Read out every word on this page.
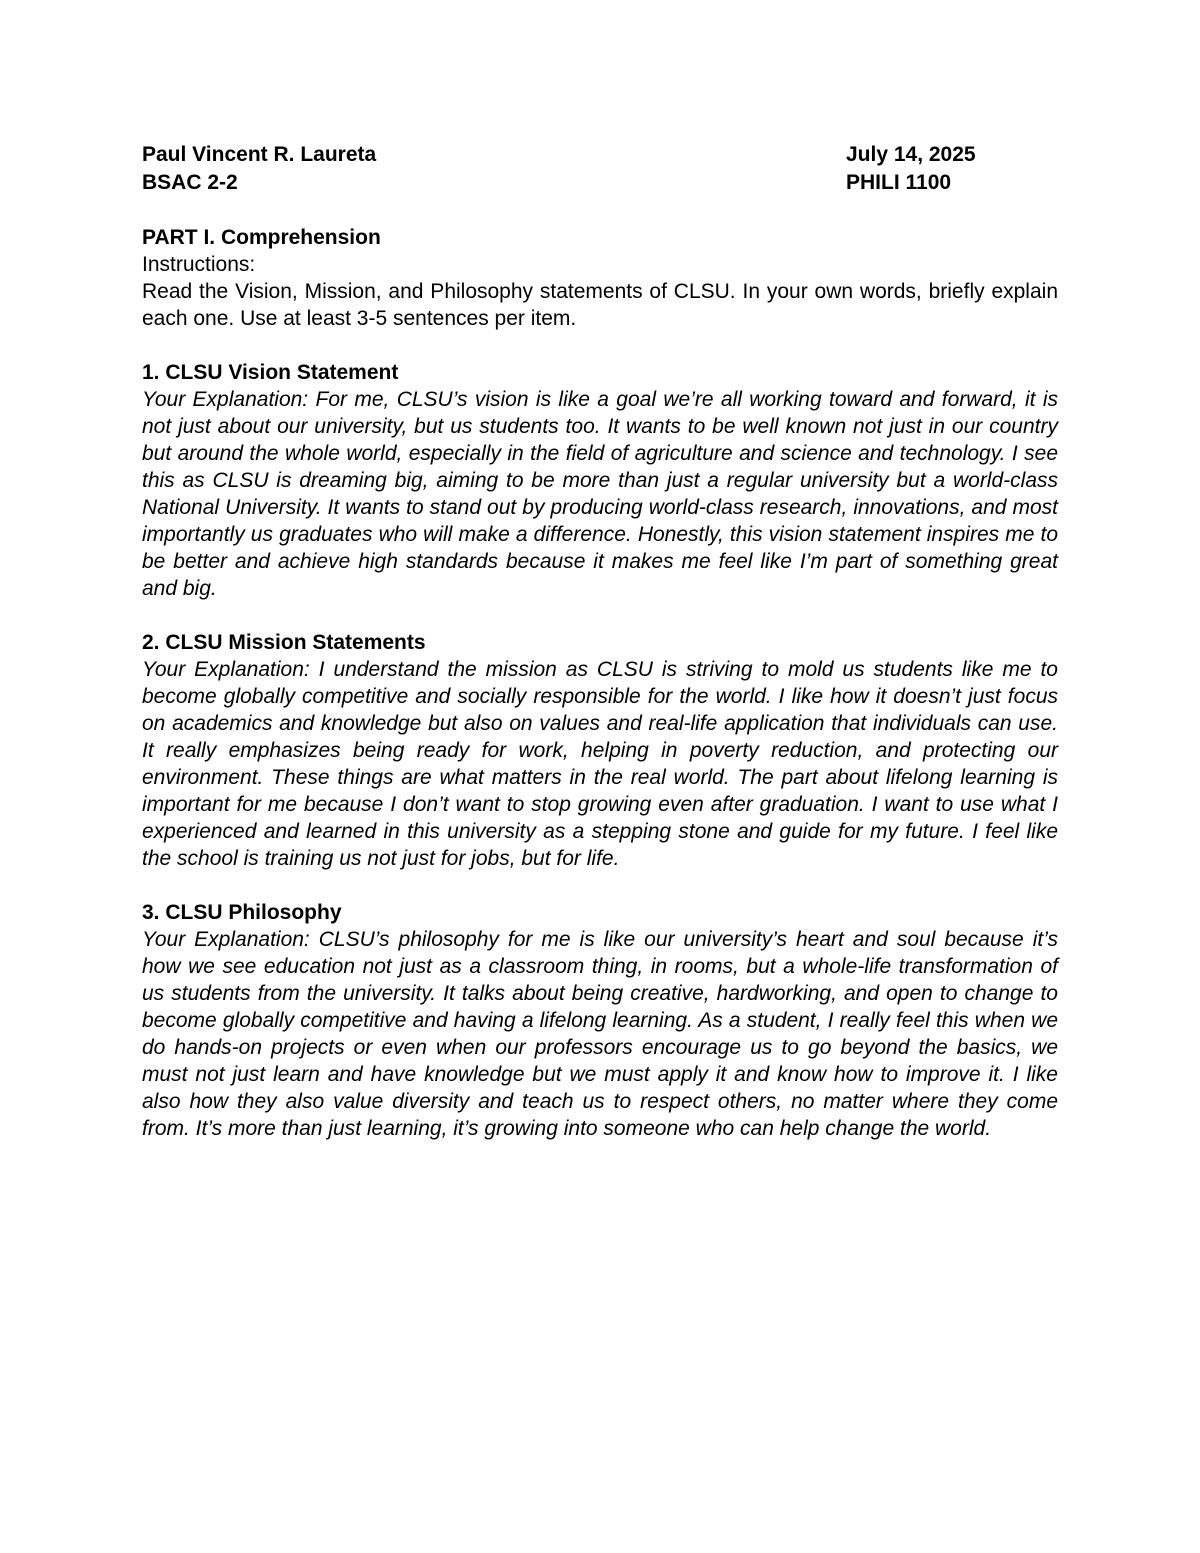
Paul Vincent R. Laureta
BSAC 2-2
July 14, 2025
PHILI 1100
PART I. Comprehension
Instructions:
Read the Vision, Mission, and Philosophy statements of CLSU. In your own words, briefly explain each one. Use at least 3-5 sentences per item.
1. CLSU Vision Statement
Your Explanation: For me, CLSU’s vision is like a goal we’re all working toward and forward, it is not just about our university, but us students too. It wants to be well known not just in our country but around the whole world, especially in the field of agriculture and science and technology. I see this as CLSU is dreaming big, aiming to be more than just a regular university but a world-class National University. It wants to stand out by producing world-class research, innovations, and most importantly us graduates who will make a difference. Honestly, this vision statement inspires me to be better and achieve high standards because it makes me feel like I’m part of something great and big.
2. CLSU Mission Statements
Your Explanation: I understand the mission as CLSU is striving to mold us students like me to become globally competitive and socially responsible for the world. I like how it doesn’t just focus on academics and knowledge but also on values and real-life application that individuals can use. It really emphasizes being ready for work, helping in poverty reduction, and protecting our environment. These things are what matters in the real world. The part about lifelong learning is important for me because I don’t want to stop growing even after graduation. I want to use what I experienced and learned in this university as a stepping stone and guide for my future. I feel like the school is training us not just for jobs, but for life.
3. CLSU Philosophy
Your Explanation: CLSU’s philosophy for me is like our university’s heart and soul because it’s how we see education not just as a classroom thing, in rooms, but a whole-life transformation of us students from the university. It talks about being creative, hardworking, and open to change to become globally competitive and having a lifelong learning. As a student, I really feel this when we do hands-on projects or even when our professors encourage us to go beyond the basics, we must not just learn and have knowledge but we must apply it and know how to improve it. I like also how they also value diversity and teach us to respect others, no matter where they come from. It’s more than just learning, it’s growing into someone who can help change the world.
